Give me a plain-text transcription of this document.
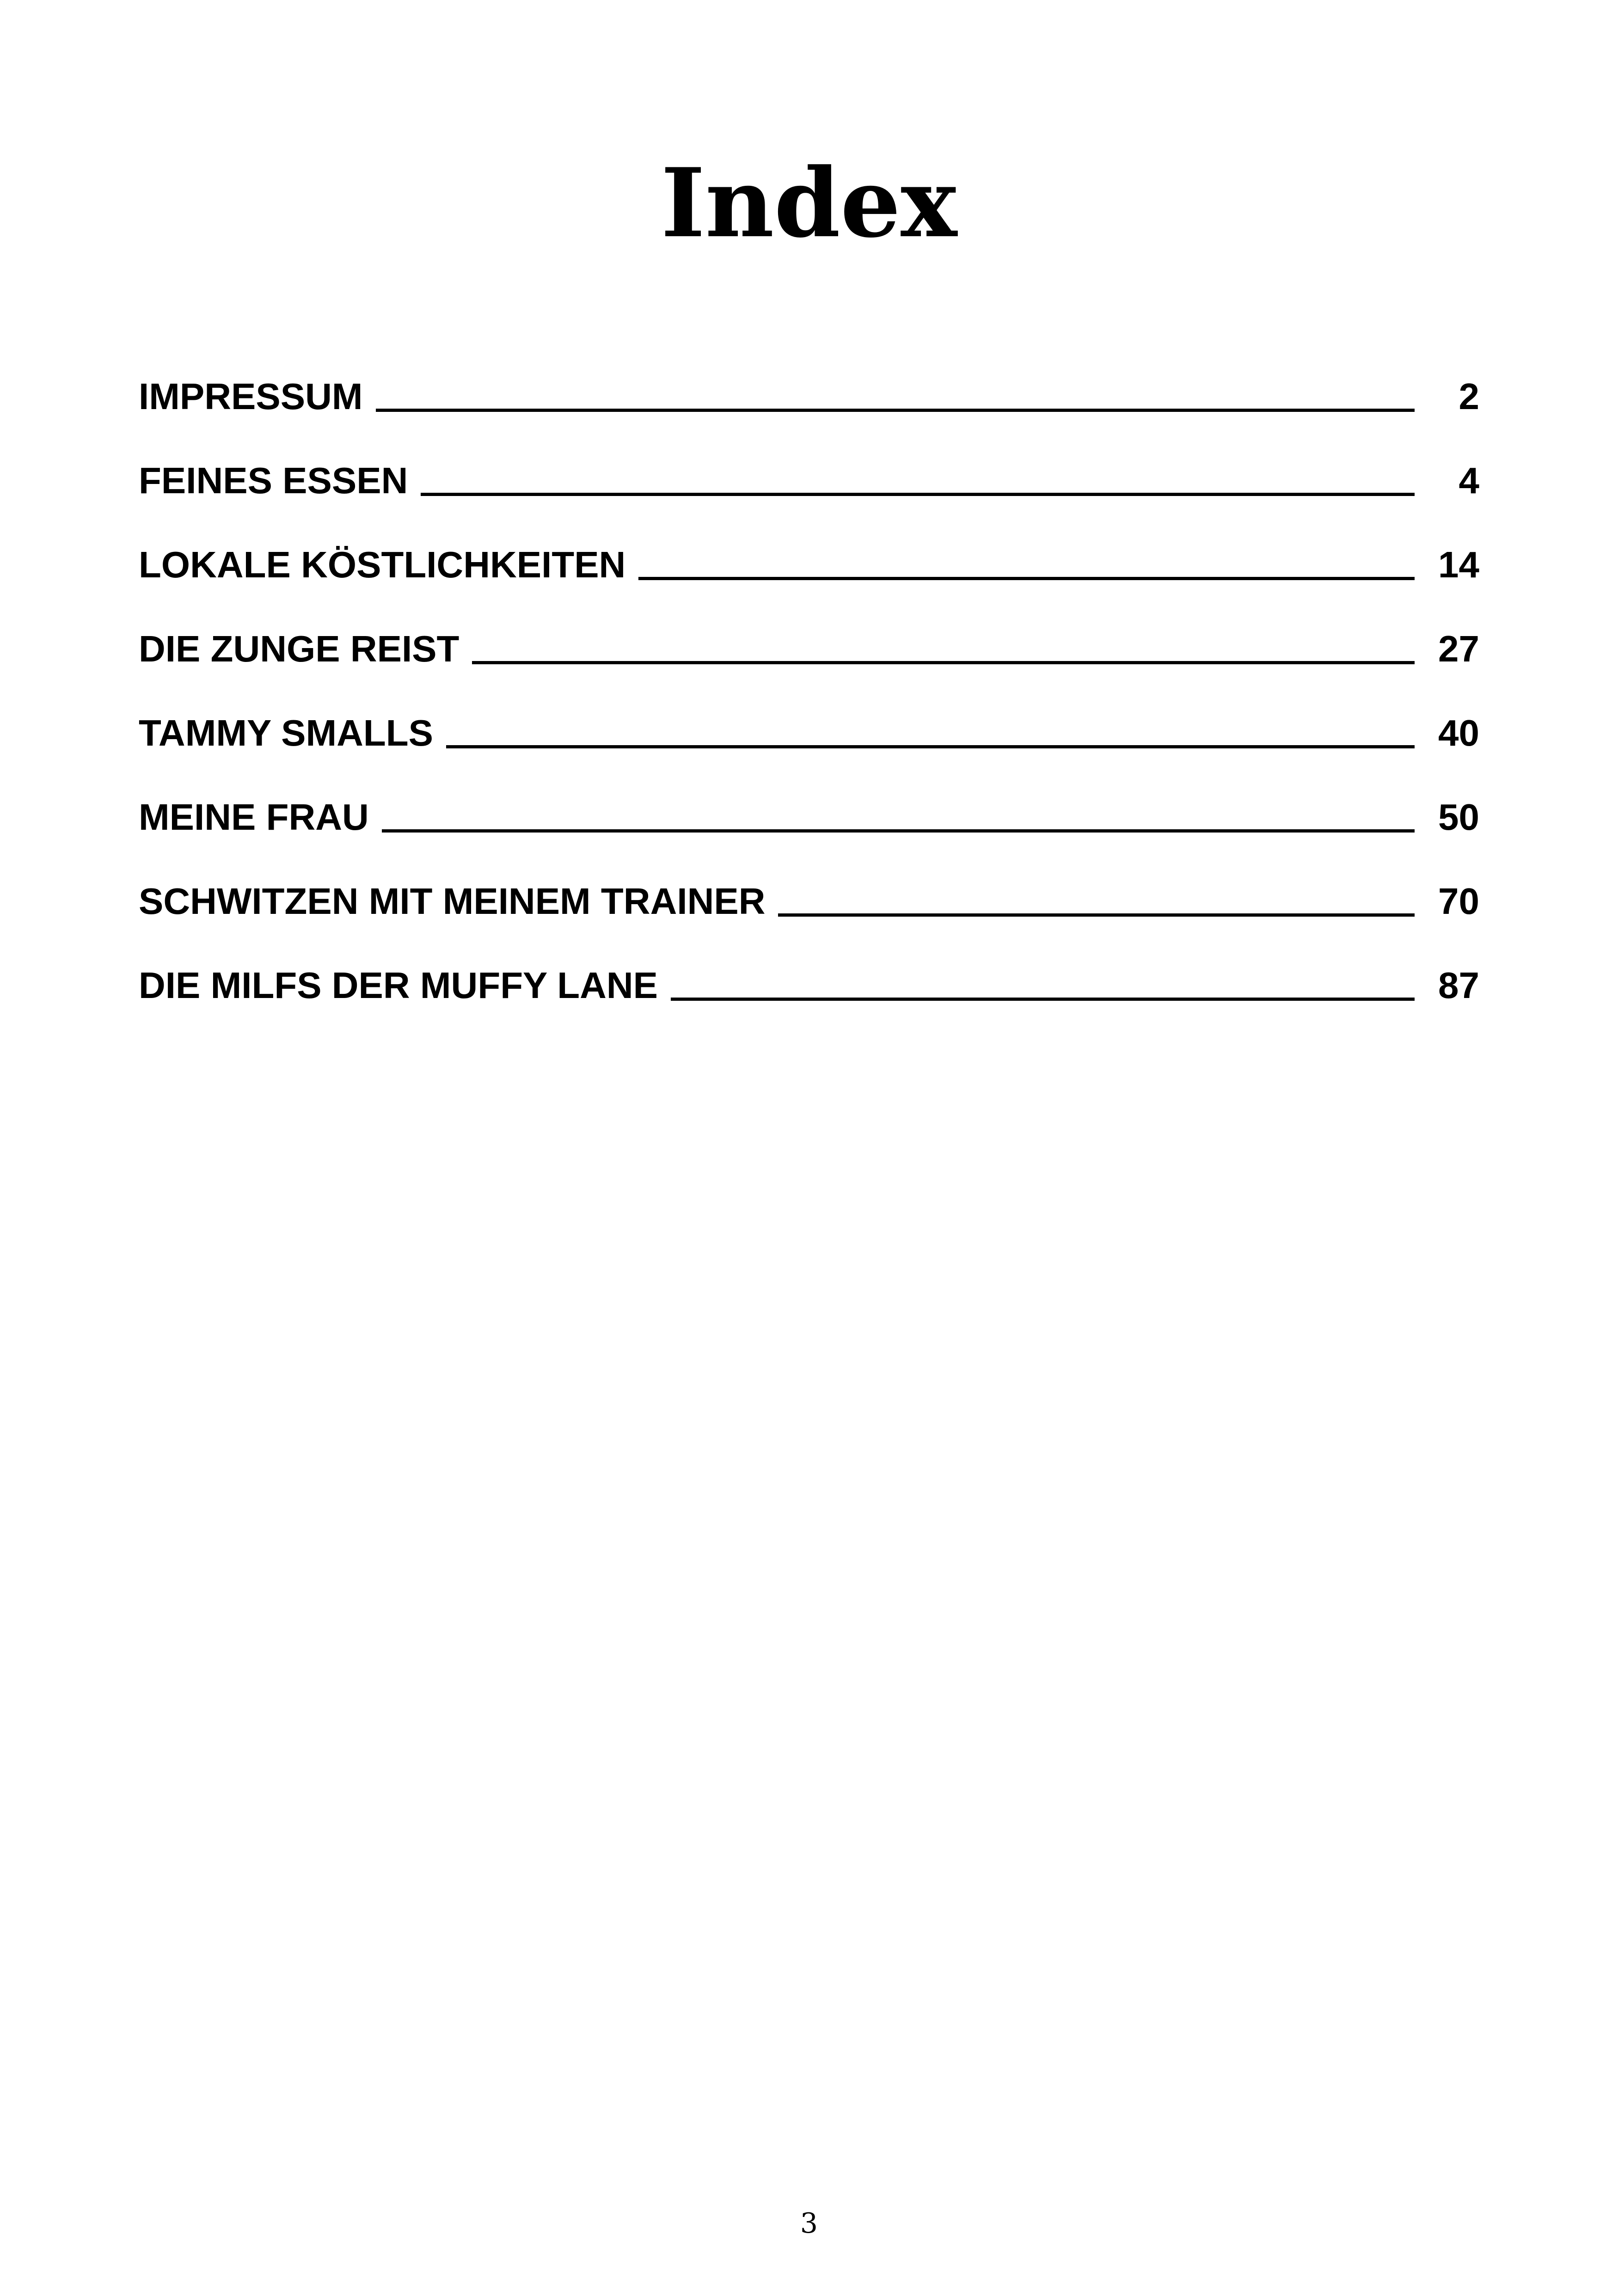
Index
IMPRESSUM	2
FEINES ESSEN	4
LOKALE KÖSTLICHKEITEN	14
DIE ZUNGE REIST	27
TAMMY SMALLS	40
MEINE FRAU	50
SCHWITZEN MIT MEINEM TRAINER	70
DIE MILFS DER MUFFY LANE	87
3
